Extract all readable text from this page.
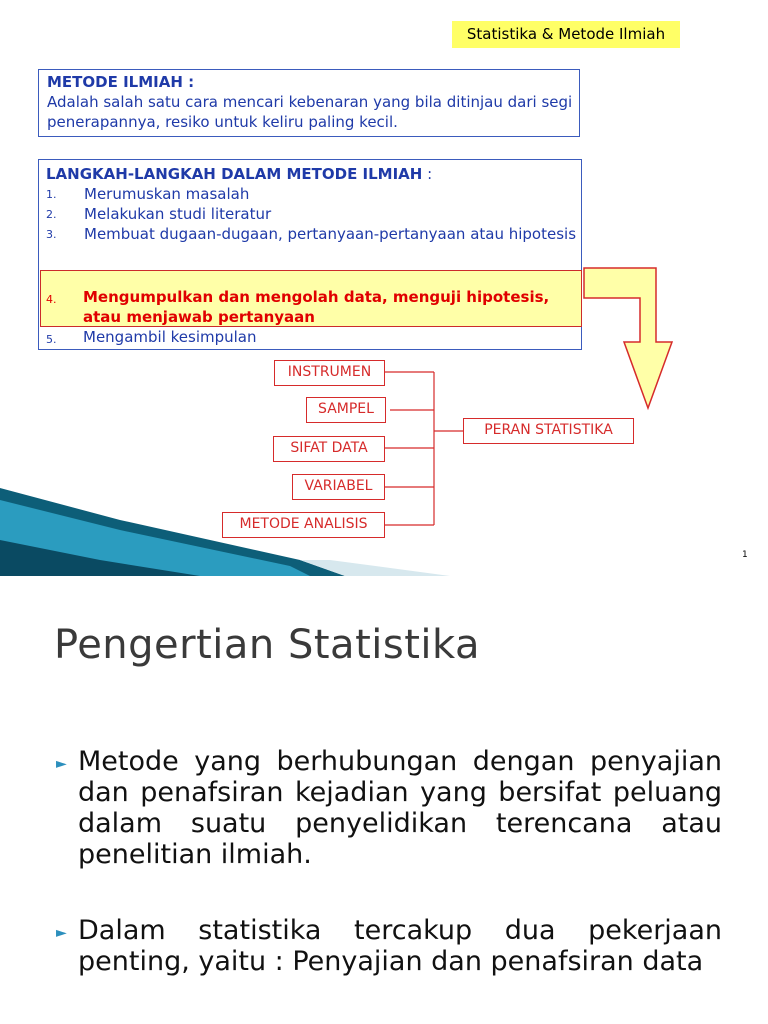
Statistika & Metode Ilmiah
METODE ILMIAH :
Adalah salah satu cara mencari kebenaran yang bila ditinjau dari segi penerapannya, resiko untuk keliru paling kecil.
LANGKAH-LANGKAH DALAM METODE ILMIAH :
1. Merumuskan masalah
2. Melakukan studi literatur
3. Membuat dugaan-dugaan, pertanyaan-pertanyaan atau hipotesis
4. Mengumpulkan dan mengolah data, menguji hipotesis, atau menjawab pertanyaan
5. Mengambil kesimpulan
INSTRUMEN
SAMPEL
SIFAT DATA
VARIABEL
METODE ANALISIS
PERAN STATISTIKA
1
Pengertian Statistika
► Metode yang berhubungan dengan penyajian dan penafsiran kejadian yang bersifat peluang dalam suatu penyelidikan terencana atau penelitian ilmiah.
► Dalam statistika tercakup dua pekerjaan penting, yaitu : Penyajian dan penafsiran data
